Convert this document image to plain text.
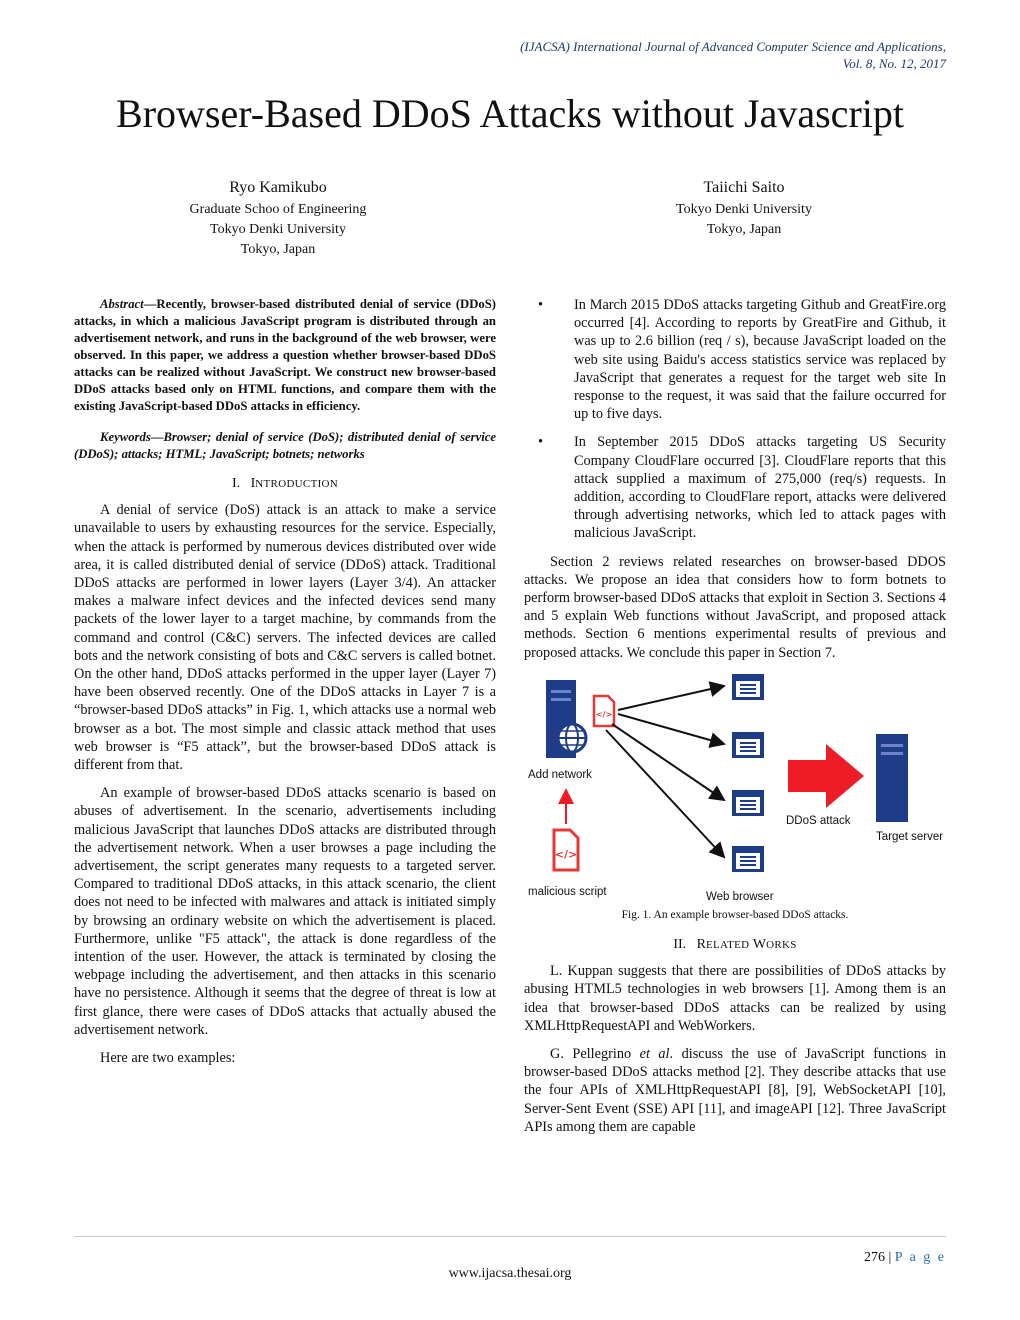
(IJACSA) International Journal of Advanced Computer Science and Applications,
Vol. 8, No. 12, 2017
Browser-Based DDoS Attacks without Javascript
Ryo Kamikubo
Graduate Schoo of Engineering
Tokyo Denki University
Tokyo, Japan
Taiichi Saito
Tokyo Denki University
Tokyo, Japan

Abstract—Recently, browser-based distributed denial of service (DDoS) attacks, in which a malicious JavaScript program is distributed through an advertisement network, and runs in the background of the web browser, were observed. In this paper, we address a question whether browser-based DDoS attacks can be realized without JavaScript. We construct new browser-based DDoS attacks based only on HTML functions, and compare them with the existing JavaScript-based DDoS attacks in efficiency.

Keywords—Browser; denial of service (DoS); distributed denial of service (DDoS); attacks; HTML; JavaScript; botnets; networks

I. INTRODUCTION

A denial of service (DoS) attack is an attack to make a service unavailable to users by exhausting resources for the service. Especially, when the attack is performed by numerous devices distributed over wide area, it is called distributed denial of service (DDoS) attack. Traditional DDoS attacks are performed in lower layers (Layer 3/4). An attacker makes a malware infect devices and the infected devices send many packets of the lower layer to a target machine, by commands from the command and control (C&C) servers. The infected devices are called bots and the network consisting of bots and C&C servers is called botnet. On the other hand, DDoS attacks performed in the upper layer (Layer 7) have been observed recently. One of the DDoS attacks in Layer 7 is a “browser-based DDoS attacks” in Fig. 1, which attacks use a normal web browser as a bot. The most simple and classic attack method that uses web browser is “F5 attack”, but the browser-based DDoS attack is different from that.

An example of browser-based DDoS attacks scenario is based on abuses of advertisement. In the scenario, advertisements including malicious JavaScript that launches DDoS attacks are distributed through the advertisement network. When a user browses a page including the advertisement, the script generates many requests to a targeted server. Compared to traditional DDoS attacks, in this attack scenario, the client does not need to be infected with malwares and attack is initiated simply by browsing an ordinary website on which the advertisement is placed. Furthermore, unlike "F5 attack", the attack is done regardless of the intention of the user. However, the attack is terminated by closing the webpage including the advertisement, and then attacks in this scenario have no persistence. Although it seems that the degree of threat is low at first glance, there were cases of DDoS attacks that actually abused the advertisement network.

Here are two examples:

• In March 2015 DDoS attacks targeting Github and GreatFire.org occurred [4]. According to reports by GreatFire and Github, it was up to 2.6 billion (req / s), because JavaScript loaded on the web site using Baidu's access statistics service was replaced by JavaScript that generates a request for the target web site In response to the request, it was said that the failure occurred for up to five days.
• In September 2015 DDoS attacks targeting US Security Company CloudFlare occurred [3]. CloudFlare reports that this attack supplied a maximum of 275,000 (req/s) requests. In addition, according to CloudFlare report, attacks were delivered through advertising networks, which led to attack pages with malicious JavaScript.

Section 2 reviews related researches on browser-based DDOS attacks. We propose an idea that considers how to form botnets to perform browser-based DDoS attacks that exploit in Section 3. Sections 4 and 5 explain Web functions without JavaScript, and proposed attack methods. Section 6 mentions experimental results of previous and proposed attacks. We conclude this paper in Section 7.

</>
Add network
</>
malicious script	Web browser
DDoS attack
Target server

Fig. 1. An example browser-based DDoS attacks.

II. RELATED WORKS

L. Kuppan suggests that there are possibilities of DDoS attacks by abusing HTML5 technologies in web browsers [1]. Among them is an idea that browser-based DDoS attacks can be realized by using XMLHttpRequestAPI and WebWorkers.

G. Pellegrino et al. discuss the use of JavaScript functions in browser-based DDoS attacks method [2]. They describe attacks that use the four APIs of XMLHttpRequestAPI [8], [9], WebSocketAPI [10], Server-Sent Event (SSE) API [11], and imageAPI [12]. Three JavaScript APIs among them are capable

276 | P a g e
www.ijacsa.thesai.org
